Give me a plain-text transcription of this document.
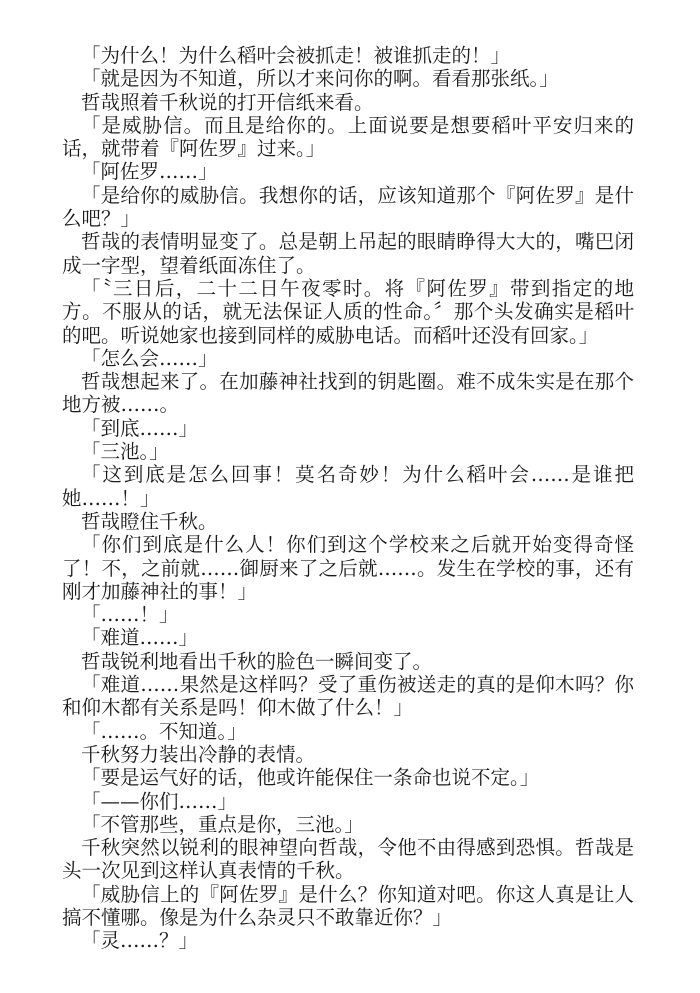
「为什么！为什么稻叶会被抓走！被谁抓走的！」

「就是因为不知道，所以才来问你的啊。看看那张纸。」

哲哉照着千秋说的打开信纸来看。

「是威胁信。而且是给你的。上面说要是想要稻叶平安归来的话，就带着『阿佐罗』过来。」

「阿佐罗……」

「是给你的威胁信。我想你的话，应该知道那个『阿佐罗』是什么吧？」

哲哉的表情明显变了。总是朝上吊起的眼睛睁得大大的，嘴巴闭成一字型，望着纸面冻住了。

「〝三日后，二十二日午夜零时。将『阿佐罗』带到指定的地方。不服从的话，就无法保证人质的性命。〞那个头发确实是稻叶的吧。听说她家也接到同样的威胁电话。而稻叶还没有回家。」

「怎么会……」

哲哉想起来了。在加藤神社找到的钥匙圈。难不成朱实是在那个地方被……。

「到底……」

「三池。」

「这到底是怎么回事！莫名奇妙！为什么稻叶会……是谁把她……！」

哲哉瞪住千秋。

「你们到底是什么人！你们到这个学校来之后就开始变得奇怪了！不，之前就……御厨来了之后就……。发生在学校的事，还有刚才加藤神社的事！」

「……！」

「难道……」

哲哉锐利地看出千秋的脸色一瞬间变了。

「难道……果然是这样吗？受了重伤被送走的真的是仰木吗？你和仰木都有关系是吗！仰木做了什么！」

「……。不知道。」

千秋努力装出冷静的表情。

「要是运气好的话，他或许能保住一条命也说不定。」

「——你们……」

「不管那些，重点是你，三池。」

千秋突然以锐利的眼神望向哲哉，令他不由得感到恐惧。哲哉是头一次见到这样认真表情的千秋。

「威胁信上的『阿佐罗』是什么？你知道对吧。你这人真是让人搞不懂哪。像是为什么杂灵只不敢靠近你？」

「灵……？」
